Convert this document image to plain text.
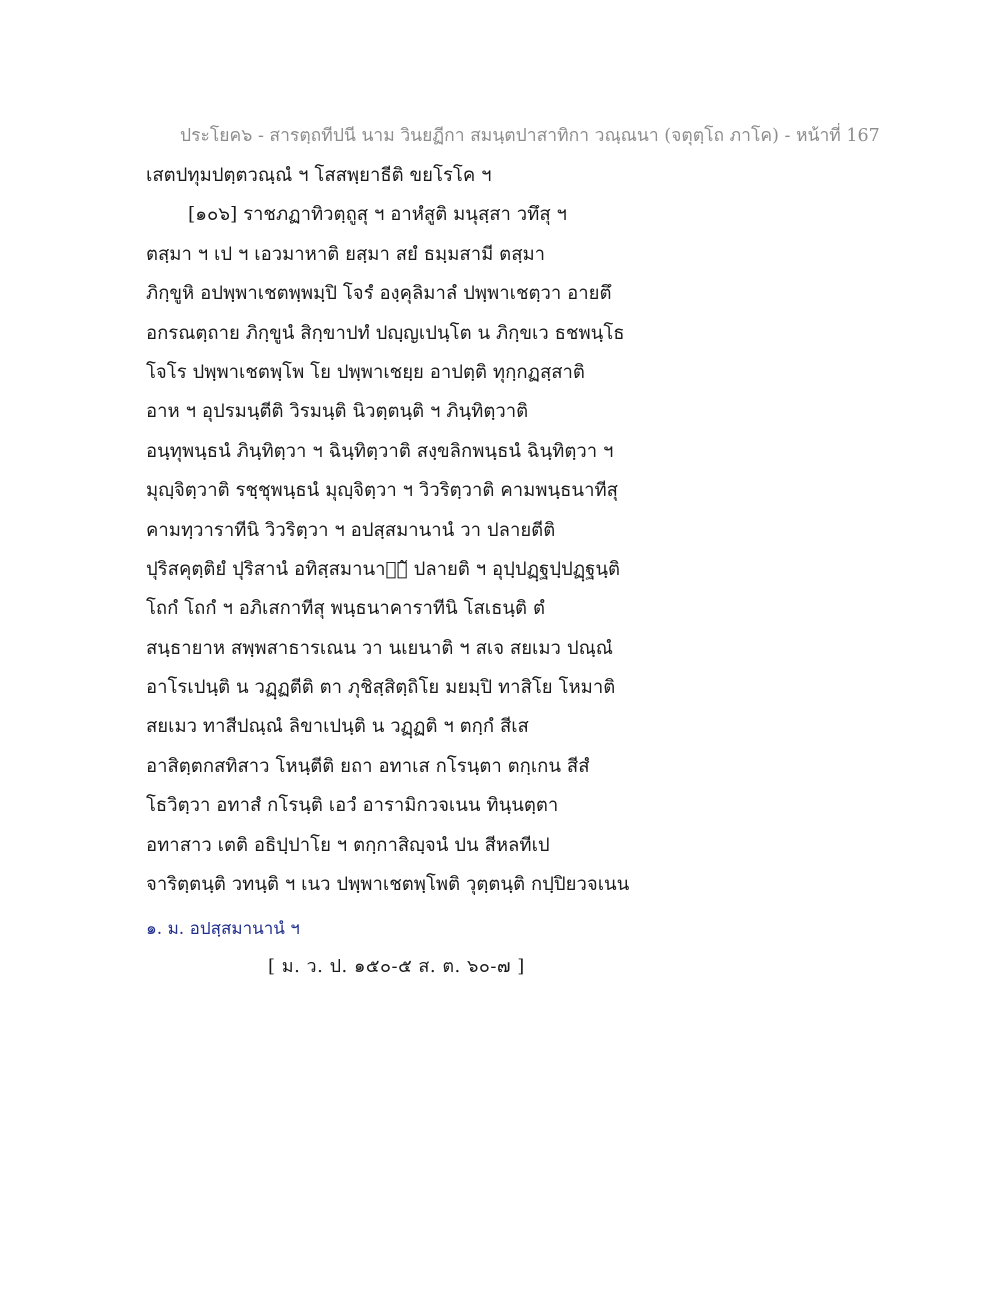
ประโยค๖ - สารตฺถทีปนี นาม วินยฏีกา สมนฺตปาสาทิกา วณฺณนา (จตุตฺโถ ภาโค) - หน้าที่ 167
เสตปทุมปตฺตวณฺณํ ฯ โสสพฺยาธีติ ขยโรโค ฯ
[๑๐๖] ราชภฏาทิวตฺถูสุ ฯ อาหํสูติ มนุสฺสา วทึสุ ฯ
ตสฺมา ฯ เป ฯ เอวมาหาติ ยสฺมา สยํ ธมฺมสามี ตสฺมา
ภิกฺขูหิ อปพฺพาเชตพฺพมฺปิ โจรํ องฺคุลิมาลํ ปพฺพาเชตฺวา อายตึ
อกรณตฺถาย ภิกฺขูนํ สิกฺขาปทํ ปญฺญเปนฺโต น ภิกฺขเว ธชพนฺโธ
โจโร ปพฺพาเชตพฺโพ โย ปพฺพาเชยฺย อาปตฺติ ทุกฺกฏสฺสาติ
อาห ฯ อุปรมนฺตีติ วิรมนฺติ นิวตฺตนฺติ ฯ ภินฺทิตฺวาติ
อนฺทุพนฺธนํ ภินฺทิตฺวา ฯ ฉินฺทิตฺวาติ สงฺขลิกพนฺธนํ ฉินฺทิตฺวา ฯ
มุญฺจิตฺวาติ รชฺชุพนฺธนํ มุญฺจิตฺวา ฯ วิวริตฺวาติ คามพนฺธนาทีสุ
คามทฺวาราทีนิ วิวริตฺวา ฯ อปสฺสมานานํ วา ปลายตีติ
ปุริสคุตฺติยํ ปุริสานํ อทิสฺสมานานํ᷉ ปลายติ ฯ อุปฺปฏฺฐปฺปฏฺฐนฺติ
โถกํ โถกํ ฯ อภิเสกาทีสุ พนฺธนาคาราทีนิ โสเธนฺติ ตํ
สนฺธายาห สพฺพสาธารเณน วา นเยนาติ ฯ สเจ สยเมว ปณฺณํ
อาโรเปนฺติ น วฏฺฏตีติ ตา ภุชิสฺสิตฺถิโย มยมฺปิ ทาสิโย โหมาติ
สยเมว ทาสีปณฺณํ ลิขาเปนฺติ น วฏฺฏติ ฯ ตกฺกํ สีเส
อาสิตฺตกสทิสาว โหนฺตีติ ยถา อทาเส กโรนฺตา ตกฺเกน สีสํ
โธวิตฺวา อทาสํ กโรนฺติ เอวํ อารามิกวจเนน ทินฺนตฺตา
อทาสาว เตติ อธิปฺปาโย ฯ ตกฺกาสิญฺจนํ ปน สีหลทีเป
จาริตฺตนฺติ วทนฺติ ฯ เนว ปพฺพาเชตพฺโพติ วุตฺตนฺติ กปฺปิยวจเนน
๑. ม. อปสฺสมานานํ ฯ
[ ม. ว. ป. ๑๕๐-๕ ส. ต. ๖๐-๗ ]
